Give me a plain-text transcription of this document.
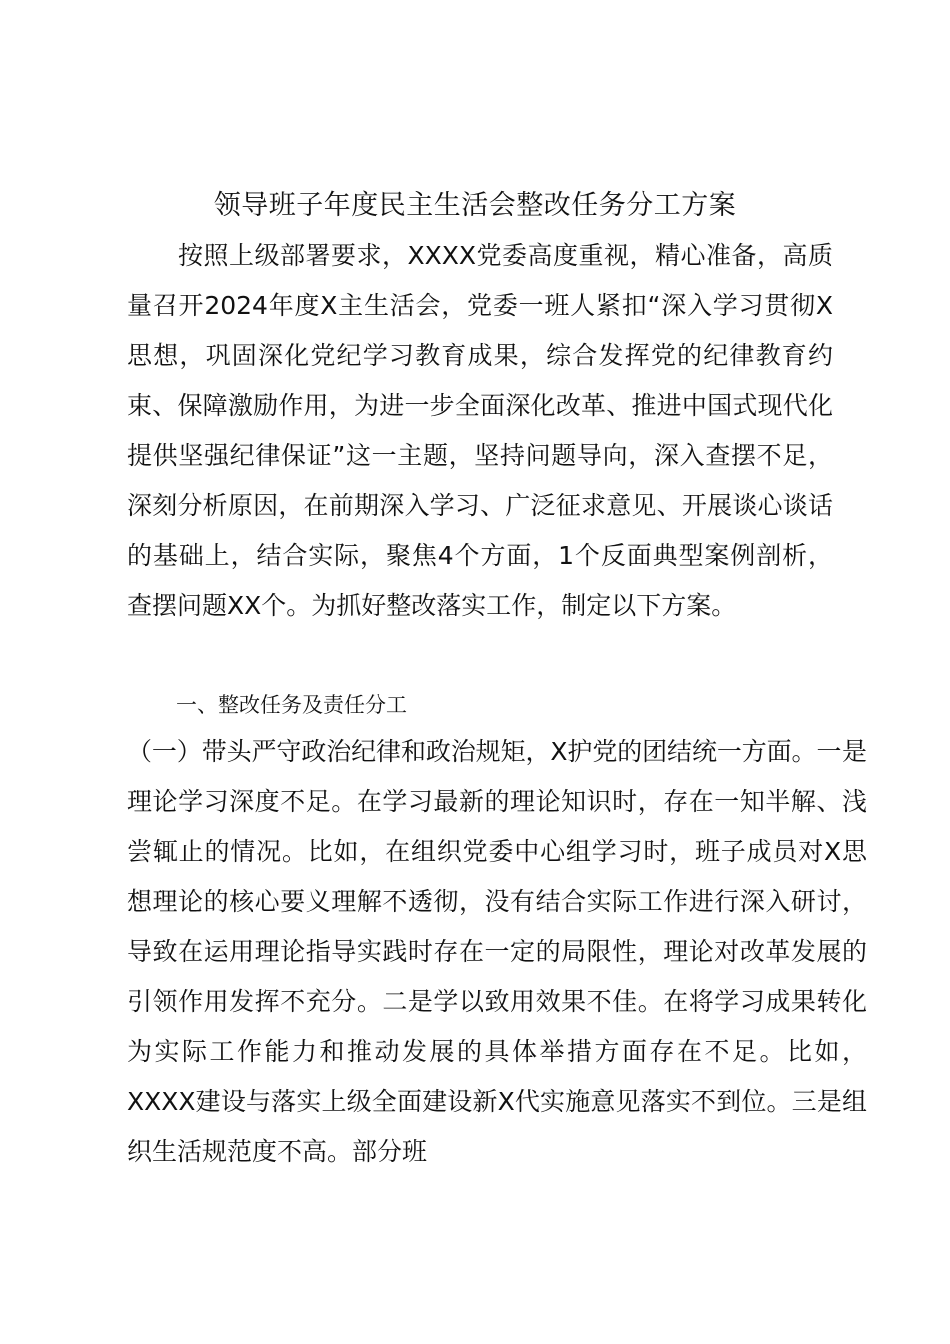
领导班子年度民主生活会整改任务分工方案

　　按照上级部署要求，XXXX党委高度重视，精心准备，高质量召开2024年度X主生活会，党委一班人紧扣“深入学习贯彻X思想，巩固深化党纪学习教育成果，综合发挥党的纪律教育约束、保障激励作用，为进一步全面深化改革、推进中国式现代化提供坚强纪律保证”这一主题，坚持问题导向，深入查摆不足，深刻分析原因，在前期深入学习、广泛征求意见、开展谈心谈话的基础上，结合实际，聚焦4个方面，1个反面典型案例剖析，查摆问题XX个。为抓好整改落实工作，制定以下方案。

一、整改任务及责任分工

（一）带头严守政治纪律和政治规矩，X护党的团结统一方面。一是理论学习深度不足。在学习最新的理论知识时，存在一知半解、浅尝辄止的情况。比如，在组织党委中心组学习时，班子成员对X思想理论的核心要义理解不透彻，没有结合实际工作进行深入研讨，导致在运用理论指导实践时存在一定的局限性，理论对改革发展的引领作用发挥不充分。二是学以致用效果不佳。在将学习成果转化为实际工作能力和推动发展的具体举措方面存在不足。比如，XXXX建设与落实上级全面建设新X代实施意见落实不到位。三是组织生活规范度不高。部分班
